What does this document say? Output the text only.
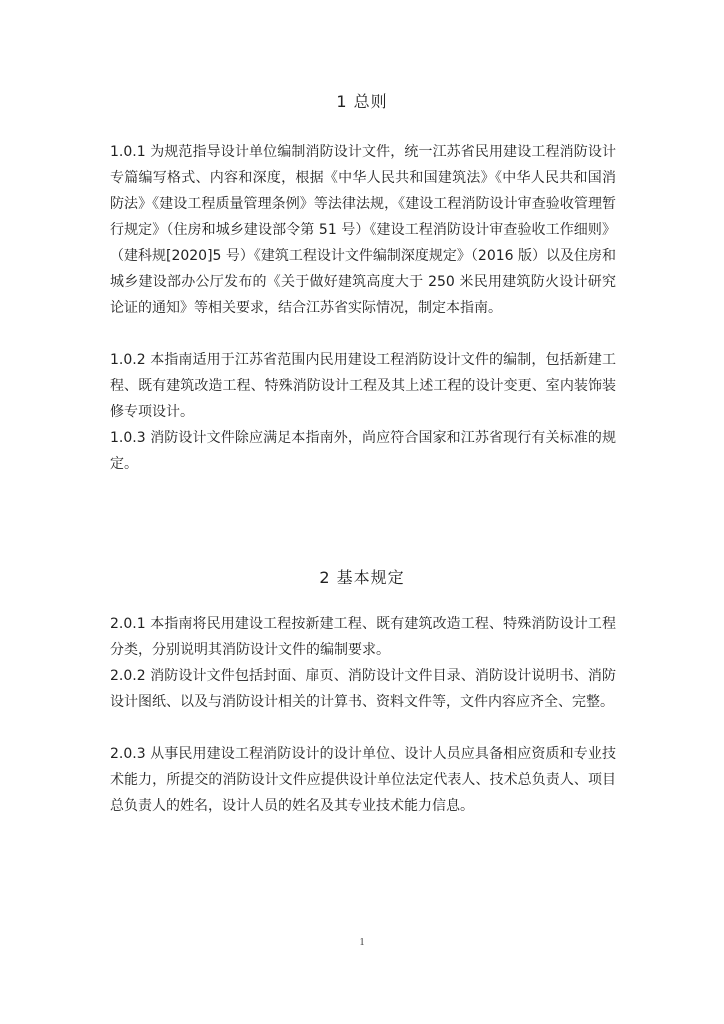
1 总则

1.0.1 为规范指导设计单位编制消防设计文件，统一江苏省民用建设工程消防设计专篇编写格式、内容和深度，根据《中华人民共和国建筑法》《中华人民共和国消防法》《建设工程质量管理条例》等法律法规，《建设工程消防设计审查验收管理暂行规定》（住房和城乡建设部令第 51 号）《建设工程消防设计审查验收工作细则》（建科规[2020]5 号）《建筑工程设计文件编制深度规定》（2016 版）以及住房和城乡建设部办公厅发布的《关于做好建筑高度大于 250 米民用建筑防火设计研究论证的通知》等相关要求，结合江苏省实际情况，制定本指南。

1.0.2 本指南适用于江苏省范围内民用建设工程消防设计文件的编制，包括新建工程、既有建筑改造工程、特殊消防设计工程及其上述工程的设计变更、室内装饰装修专项设计。

1.0.3 消防设计文件除应满足本指南外，尚应符合国家和江苏省现行有关标准的规定。

2 基本规定

2.0.1 本指南将民用建设工程按新建工程、既有建筑改造工程、特殊消防设计工程分类，分别说明其消防设计文件的编制要求。

2.0.2 消防设计文件包括封面、扉页、消防设计文件目录、消防设计说明书、消防设计图纸、以及与消防设计相关的计算书、资料文件等，文件内容应齐全、完整。

2.0.3 从事民用建设工程消防设计的设计单位、设计人员应具备相应资质和专业技术能力，所提交的消防设计文件应提供设计单位法定代表人、技术总负责人、项目总负责人的姓名，设计人员的姓名及其专业技术能力信息。

1
